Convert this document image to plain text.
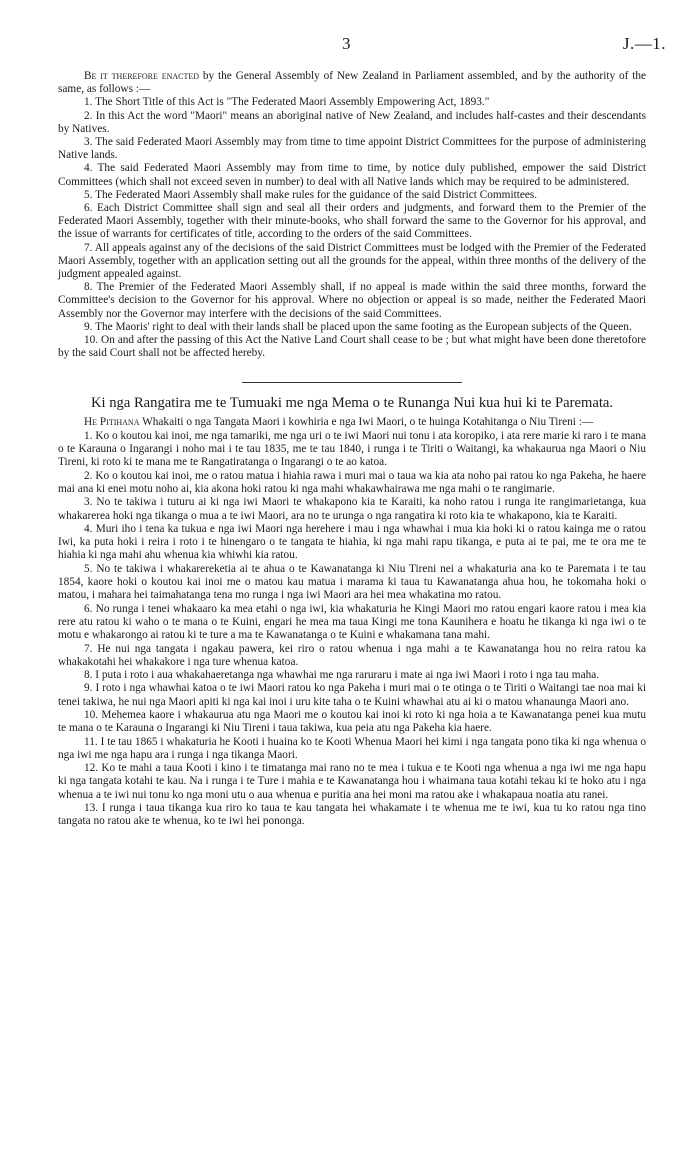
3	J.—1.

Be it therefore enacted by the General Assembly of New Zealand in Parliament assembled, and by the authority of the same, as follows :—

1. The Short Title of this Act is "The Federated Maori Assembly Empowering Act, 1893."

2. In this Act the word "Maori" means an aboriginal native of New Zealand, and includes half-castes and their descendants by Natives.

3. The said Federated Maori Assembly may from time to time appoint District Committees for the purpose of administering Native lands.

4. The said Federated Maori Assembly may from time to time, by notice duly published, empower the said District Committees (which shall not exceed seven in number) to deal with all Native lands which may be required to be administered.

5. The Federated Maori Assembly shall make rules for the guidance of the said District Committees.

6. Each District Committee shall sign and seal all their orders and judgments, and forward them to the Premier of the Federated Maori Assembly, together with their minute-books, who shall forward the same to the Governor for his approval, and the issue of warrants for certificates of title, according to the orders of the said Committees.

7. All appeals against any of the decisions of the said District Committees must be lodged with the Premier of the Federated Maori Assembly, together with an application setting out all the grounds for the appeal, within three months of the delivery of the judgment appealed against.

8. The Premier of the Federated Maori Assembly shall, if no appeal is made within the said three months, forward the Committee's decision to the Governor for his approval. Where no objection or appeal is so made, neither the Federated Maori Assembly nor the Governor may interfere with the decisions of the said Committees.

9. The Maoris' right to deal with their lands shall be placed upon the same footing as the European subjects of the Queen.

10. On and after the passing of this Act the Native Land Court shall cease to be ; but what might have been done theretofore by the said Court shall not be affected hereby.

Ki nga Rangatira me te Tumuaki me nga Mema o te Runanga Nui kua hui ki te Paremata.

He Pitihana Whakaiti o nga Tangata Maori i kowhiria e nga Iwi Maori, o te huinga Kotahitanga o Niu Tireni :—

1. Ko o koutou kai inoi, me nga tamariki, me nga uri o te iwi Maori nui tonu i ata koropiko, i ata rere marie ki raro i te mana o te Karauna o Ingarangi i noho mai i te tau 1835, me te tau 1840, i runga i te Tiriti o Waitangi, ka whakaurua nga Maori o Niu Tireni, ki roto ki te mana me te Rangatiratanga o Ingarangi o te ao katoa.

2. Ko o koutou kai inoi, me o ratou matua i hiahia rawa i muri mai o taua wa kia ata noho pai ratou ko nga Pakeha, he haere mai ana ki enei motu noho ai, kia akona hoki ratou ki nga mahi whakawhairawa me nga mahi o te rangimarie.

3. No te takiwa i tuturu ai ki nga iwi Maori te whakapono kia te Karaiti, ka noho ratou i runga ite rangimarietanga, kua whakarerea hoki nga tikanga o mua a te iwi Maori, ara no te urunga o nga rangatira ki roto kia te whakapono, kia te Karaiti.

4. Muri iho i tena ka tukua e nga iwi Maori nga herehere i mau i nga whawhai i mua kia hoki ki o ratou kainga me o ratou Iwi, ka puta hoki i reira i roto i te hinengaro o te tangata te hiahia, ki nga mahi rapu tikanga, e puta ai te pai, me te ora me te hiahia ki nga mahi ahu whenua kia whiwhi kia ratou.

5. No te takiwa i whakarereketia ai te ahua o te Kawanatanga ki Niu Tireni nei a whakaturia ana ko te Paremata i te tau 1854, kaore hoki o koutou kai inoi me o matou kau matua i marama ki taua tu Kawanatanga ahua hou, he tokomaha hoki o matou, i mahara hei taimahatanga tena mo runga i nga iwi Maori ara hei mea whakatina mo ratou.

6. No runga i tenei whakaaro ka mea etahi o nga iwi, kia whakaturia he Kingi Maori mo ratou engari kaore ratou i mea kia rere atu ratou ki waho o te mana o te Kuini, engari he mea ma taua Kingi me tona Kaunihera e hoatu he tikanga ki nga iwi o te motu e whakarongo ai ratou ki te ture a ma te Kawanatanga o te Kuini e whakamana tana mahi.

7. He nui nga tangata i ngakau pawera, kei riro o ratou whenua i nga mahi a te Kawanatanga hou no reira ratou ka whakakotahi hei whakakore i nga ture whenua katoa.

8. I puta i roto i aua whakahaeretanga nga whawhai me nga raruraru i mate ai nga iwi Maori i roto i nga tau maha.

9. I roto i nga whawhai katoa o te iwi Maori ratou ko nga Pakeha i muri mai o te otinga o te Tiriti o Waitangi tae noa mai ki tenei takiwa, he nui nga Maori apiti ki nga kai inoi i uru kite taha o te Kuini whawhai atu ai ki o matou whanaunga Maori ano.

10. Mehemea kaore i whakaurua atu nga Maori me o koutou kai inoi ki roto ki nga hoia a te Kawanatanga penei kua mutu te mana o te Karauna o Ingarangi ki Niu Tireni i taua takiwa, kua peia atu nga Pakeha kia haere.

11. I te tau 1865 i whakaturia he Kooti i huaina ko te Kooti Whenua Maori hei kimi i nga tangata pono tika ki nga whenua o nga iwi me nga hapu ara i runga i nga tikanga Maori.

12. Ko te mahi a taua Kooti i kino i te timatanga mai rano no te mea i tukua e te Kooti nga whenua a nga iwi me nga hapu ki nga tangata kotahi te kau. Na i runga i te Ture i mahia e te Kawanatanga hou i whaimana taua kotahi tekau ki te hoko atu i nga whenua a te iwi nui tonu ko nga moni utu o aua whenua e puritia ana hei moni ma ratou ake i whakapaua noatia atu ranei.

13. I runga i taua tikanga kua riro ko taua te kau tangata hei whakamate i te whenua me te iwi, kua tu ko ratou nga tino tangata no ratou ake te whenua, ko te iwi hei pononga.
